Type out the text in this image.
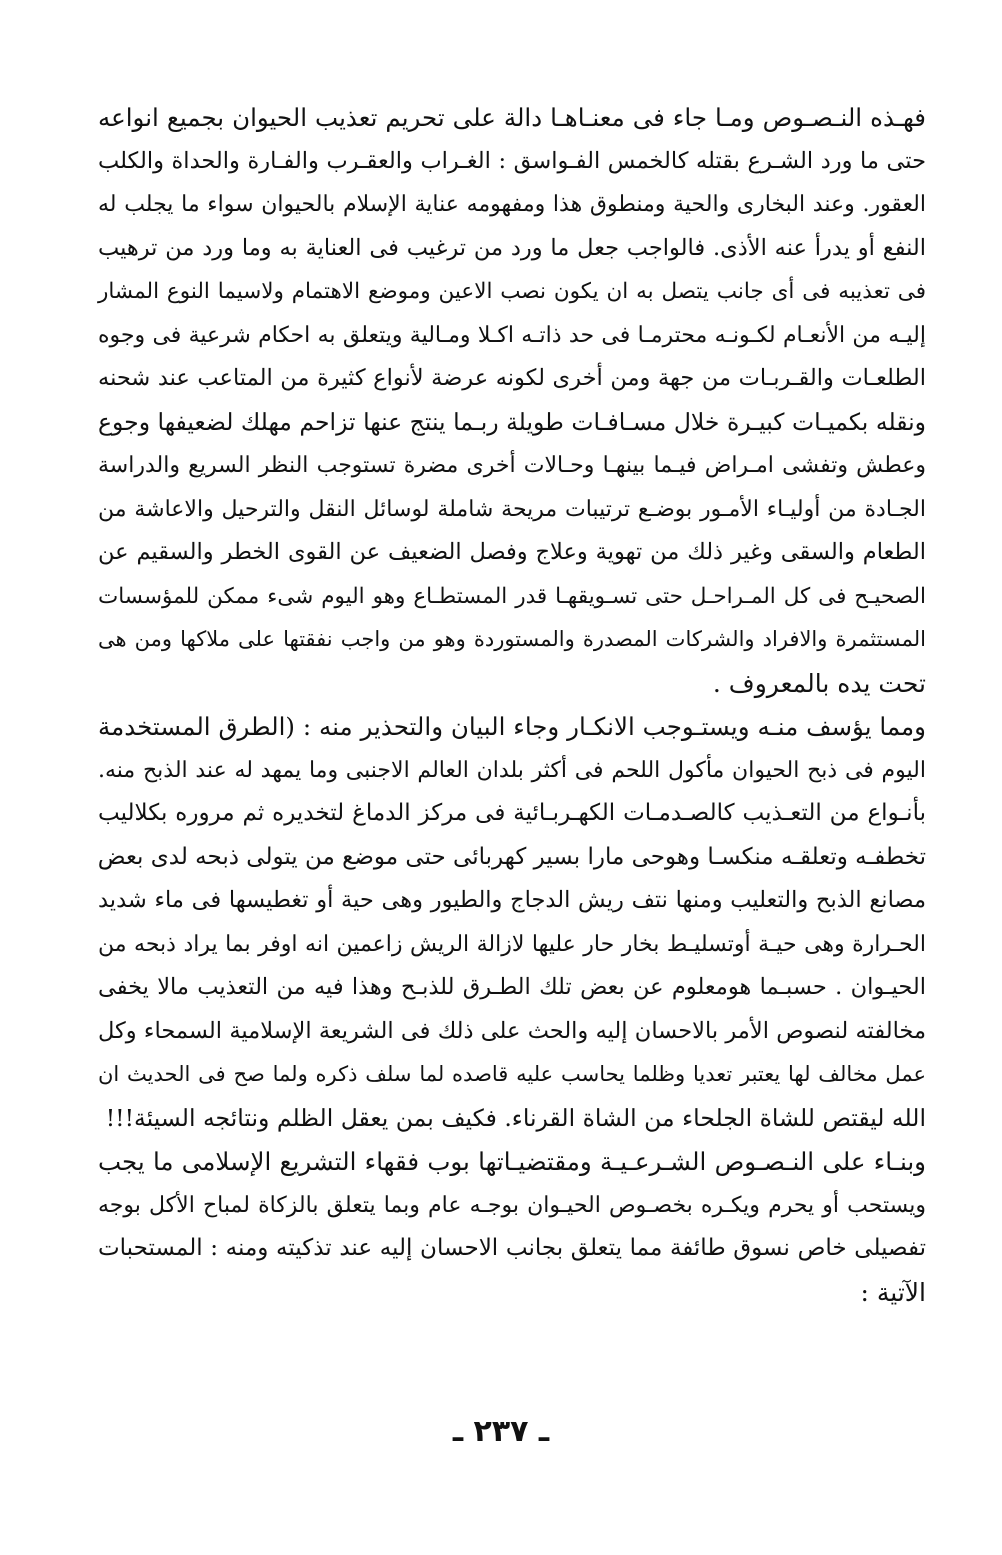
فهـذه النـصـوص ومـا جاء فى معنـاهـا دالة على تحريم تعذيب الحيوان بجميع انواعه
حتى ما ورد الشـرع بقتله كالخمس الفـواسق : الغـراب والعقـرب والفـارة والحداة والكلب
العقور. وعند البخارى والحية ومنطوق هذا ومفهومه عناية الإسلام بالحيوان سواء ما يجلب له
النفع أو يدرأ عنه الأذى. فالواجب جعل ما ورد من ترغيب فى العناية به وما ورد من ترهيب
فى تعذيبه فى أى جانب يتصل به ان يكون نصب الاعين وموضع الاهتمام ولاسيما النوع المشار
إليـه من الأنعـام لكـونـه محترمـا فى حد ذاتـه اكـلا ومـالية ويتعلق به احكام شرعية فى وجوه
الطلعـات والقـربـات من جهة ومن أخرى لكونه عرضة لأنواع كثيرة من المتاعب عند شحنه
ونقله بكميـات كبيـرة خلال مسـافـات طويلة ربـما ينتج عنها تزاحم مهلك لضعيفها وجوع
وعطش وتفشى امـراض فيـما بينهـا وحـالات أخرى مضرة تستوجب النظر السريع والدراسة
الجـادة من أوليـاء الأمـور بوضـع ترتيبات مريحة شاملة لوسائل النقل والترحيل والاعاشة من
الطعام والسقى وغير ذلك من تهوية وعلاج وفصل الضعيف عن القوى الخطر والسقيم عن
الصحيـح فى كل المـراحـل حتى تسـويقهـا قدر المستطـاع وهو اليوم شىء ممكن للمؤسسات
المستثمرة والافراد والشركات المصدرة والمستوردة وهو من واجب نفقتها على ملاكها ومن هى
تحت يده بالمعروف .

ومما يؤسف منـه ويستـوجب الانكـار وجاء البيان والتحذير منه : (الطرق المستخدمة
اليوم فى ذبح الحيوان مأكول اللحم فى أكثر بلدان العالم الاجنبى وما يمهد له عند الذبح منه.
بأنـواع من التعـذيب كالصـدمـات الكهـربـائية فى مركز الدماغ لتخديره ثم مروره بكلاليب
تخطفـه وتعلقـه منكسـا وهوحى مارا بسير كهربائى حتى موضع من يتولى ذبحه لدى بعض
مصانع الذبح والتعليب ومنها نتف ريش الدجاج والطيور وهى حية أو تغطيسها فى ماء شديد
الحـرارة وهى حيـة أوتسليـط بخار حار عليها لازالة الريش زاعمين انه اوفر بما يراد ذبحه من
الحيـوان . حسبـما هومعلوم عن بعض تلك الطـرق للذبـح وهذا فيه من التعذيب مالا يخفى
مخالفته لنصوص الأمر بالاحسان إليه والحث على ذلك فى الشريعة الإسلامية السمحاء وكل
عمل مخالف لها يعتبر تعديا وظلما يحاسب عليه قاصده لما سلف ذكره ولما صح فى الحديث ان
الله ليقتص للشاة الجلحاء من الشاة القرناء. فكيف بمن يعقل الظلم ونتائجه السيئة!!!

وبنـاء على النـصـوص الشـرعـيـة ومقتضيـاتها بوب فقهاء التشريع الإسلامى ما يجب
ويستحب أو يحرم ويكـره بخصـوص الحيـوان بوجـه عام وبما يتعلق بالزكاة لمباح الأكل بوجه
تفصيلى خاص نسوق طائفة مما يتعلق بجانب الاحسان إليه عند تذكيته ومنه : المستحبات
الآتية :

ـ ٢٣٧ ـ
